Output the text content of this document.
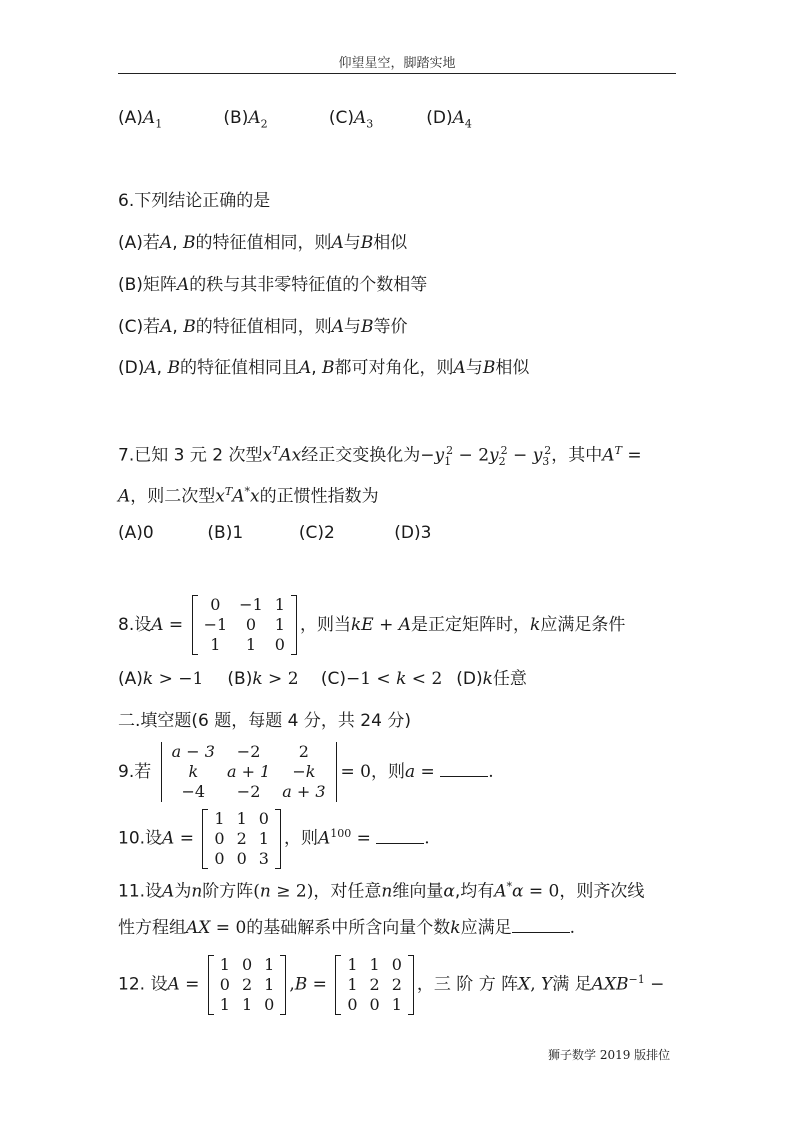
仰望星空，脚踏实地
$(A)A_1$	$(B)A_2$	$(C)A_3$	$(D)A_4$
6.下列结论正确的是
(A)若A, B的特征值相同，则A与B相似
(B)矩阵A的秩与其非零特征值的个数相等
(C)若A, B的特征值相同，则A与B等价
(D)A, B的特征值相同且A, B都可对角化，则A与B相似
7.已知 3 元 2 次型$x^TAx$经正交变换化为$-y_1^2 - 2y_2^2 - y_3^2$，其中$A^T$ =
A，则二次型$x^TA^*x$的正惯性指数为
(A)0	(B)1	(C)2	(D)3
8.设A =
0	−1	1
−1	0	1
1	1	0
，则当kE + A是正定矩阵时，k应满足条件
(A)k > −1 (B)k > 2 (C)−1 < k < 2 (D)k任意
二.填空题(6 题，每题 4 分，共 24 分)
9.若
a − 3	−2	2
k	a + 1	−k
−4	−2	a + 3
= 0，则a =	.
10.设A =
1	1	0
0	2	1
0	0	3
，则$A^{100}$ =	.
11.设A为n阶方阵(n ≥ 2)，对任意n维向量α,均有A*α = 0，则齐次线
性方程组AX = 0的基础解系中所含向量个数k应满足	.
12. 设A =
1	0	1
0	2	1
1	1	0
,B =
1	1	0
1	2	2
0	0	1
，三 阶 方 阵X, Y满 足$AXB^{-1}$ −
狮子数学 2019 版排位
